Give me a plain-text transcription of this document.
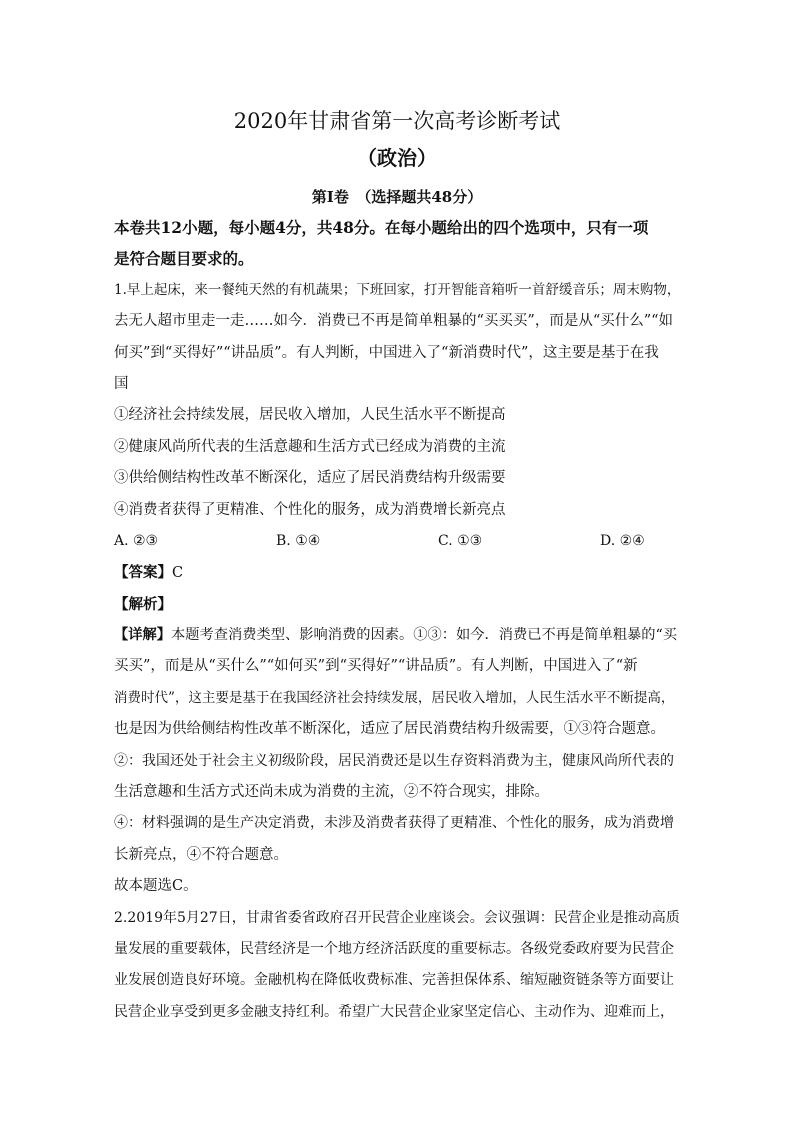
2020年甘肃省第一次高考诊断考试
（政治）
第Ⅰ卷　（选择题共48分）
本卷共12小题，每小题4分，共48分。在每小题给出的四个选项中，只有一项
是符合题目要求的。
1.早上起床，来一餐纯天然的有机蔬果；下班回家，打开智能音箱听一首舒缓音乐；周末购物，
去无人超市里走一走……如今．消费已不再是简单粗暴的“买买买”，而是从“买什么”“如
何买”到“买得好”“讲品质”。有人判断，中国进入了“新消费时代”，这主要是基于在我
国
①经济社会持续发展，居民收入增加，人民生活水平不断提高
②健康风尚所代表的生活意趣和生活方式已经成为消费的主流
③供给侧结构性改革不断深化，适应了居民消费结构升级需要
④消费者获得了更精准、个性化的服务，成为消费增长新亮点
A. ②③	B. ①④	C. ①③	D. ②④
【答案】C
【解析】
【详解】本题考查消费类型、影响消费的因素。①③：如今．消费已不再是简单粗暴的“买
买买”，而是从“买什么”“如何买”到“买得好”“讲品质”。有人判断，中国进入了“新
消费时代”，这主要是基于在我国经济社会持续发展，居民收入增加，人民生活水平不断提高，
也是因为供给侧结构性改革不断深化，适应了居民消费结构升级需要，①③符合题意。
②：我国还处于社会主义初级阶段，居民消费还是以生存资料消费为主，健康风尚所代表的
生活意趣和生活方式还尚未成为消费的主流，②不符合现实，排除。
④：材料强调的是生产决定消费，未涉及消费者获得了更精准、个性化的服务，成为消费增
长新亮点，④不符合题意。
故本题选C。
2.2019年5月27日，甘肃省委省政府召开民营企业座谈会。会议强调：民营企业是推动高质
量发展的重要载体，民营经济是一个地方经济活跃度的重要标志。各级党委政府要为民营企
业发展创造良好环境。金融机构在降低收费标准、完善担保体系、缩短融资链条等方面要让
民营企业享受到更多金融支持红利。希望广大民营企业家坚定信心、主动作为、迎难而上，
